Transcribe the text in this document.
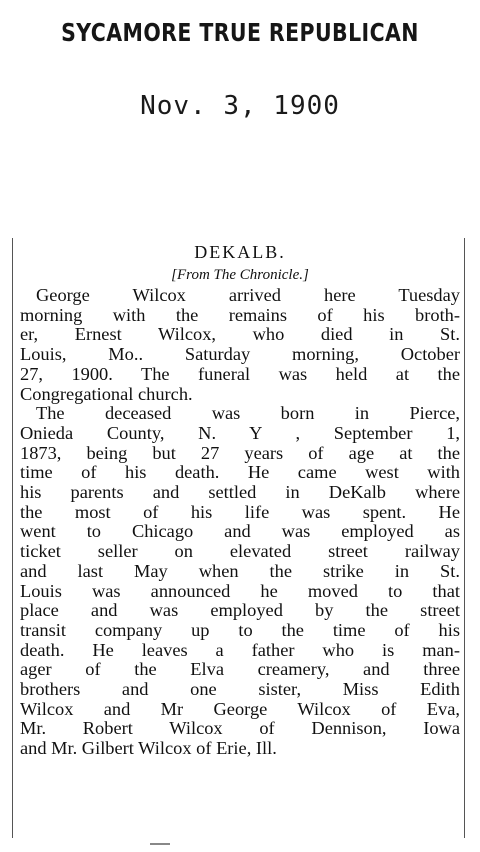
SYCAMORE TRUE REPUBLICAN
Nov. 3, 1900

DEKALB.

[From The Chronicle.]

George Wilcox arrived here Tuesday
morning with the remains of his broth-
er, Ernest Wilcox, who died in St.
Louis, Mo.. Saturday morning, October
27, 1900. The funeral was held at the
Congregational church.
The deceased was born in Pierce,
Onieda County, N. Y , September 1,
1873, being but 27 years of age at the
time of his death. He came west with
his parents and settled in DeKalb where
the most of his life was spent. He
went to Chicago and was employed as
ticket seller on elevated street railway
and last May when the strike in St.
Louis was announced he moved to that
place and was employed by the street
transit company up to the time of his
death. He leaves a father who is man-
ager of the Elva creamery, and three
brothers and one sister, Miss Edith
Wilcox and Mr George Wilcox of Eva,
Mr. Robert Wilcox of Dennison, Iowa
and Mr. Gilbert Wilcox of Erie, Ill.
